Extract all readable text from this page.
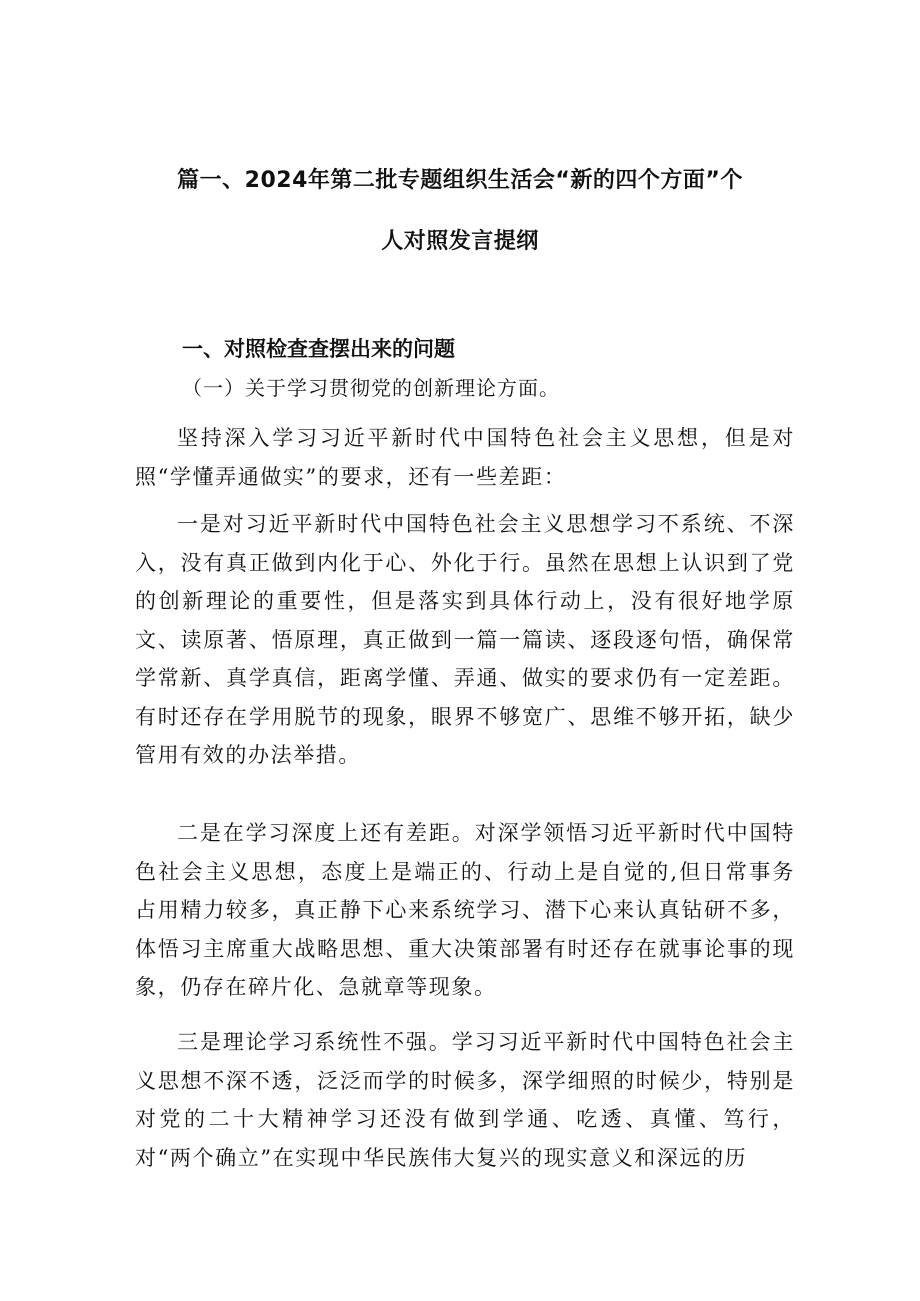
篇一、2024年第二批专题组织生活会“新的四个方面”个
人对照发言提纲
一、对照检查查摆出来的问题
（一）关于学习贯彻党的创新理论方面。

坚持深入学习习近平新时代中国特色社会主义思想，但是对照“学懂弄通做实”的要求，还有一些差距：

一是对习近平新时代中国特色社会主义思想学习不系统、不深入，没有真正做到内化于心、外化于行。虽然在思想上认识到了党的创新理论的重要性，但是落实到具体行动上，没有很好地学原文、读原著、悟原理，真正做到一篇一篇读、逐段逐句悟，确保常学常新、真学真信，距离学懂、弄通、做实的要求仍有一定差距。有时还存在学用脱节的现象，眼界不够宽广、思维不够开拓，缺少管用有效的办法举措。

二是在学习深度上还有差距。对深学领悟习近平新时代中国特色社会主义思想，态度上是端正的、行动上是自觉的,但日常事务占用精力较多，真正静下心来系统学习、潜下心来认真钻研不多，体悟习主席重大战略思想、重大决策部署有时还存在就事论事的现象，仍存在碎片化、急就章等现象。

三是理论学习系统性不强。学习习近平新时代中国特色社会主义思想不深不透，泛泛而学的时候多，深学细照的时候少，特别是对党的二十大精神学习还没有做到学通、吃透、真懂、笃行，对“两个确立”在实现中华民族伟大复兴的现实意义和深远的历
